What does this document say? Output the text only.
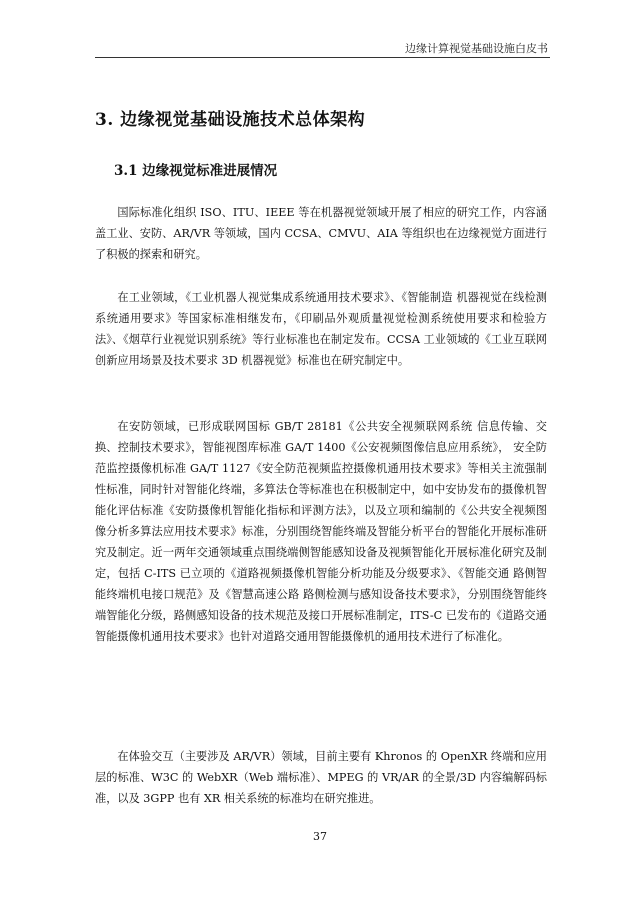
边缘计算视觉基础设施白皮书
3. 边缘视觉基础设施技术总体架构
3.1 边缘视觉标准进展情况

国际标准化组织 ISO、ITU、IEEE 等在机器视觉领域开展了相应的研究工作，内容涵盖工业、安防、AR/VR 等领域，国内 CCSA、CMVU、AIA 等组织也在边缘视觉方面进行了积极的探索和研究。

在工业领域，《工业机器人视觉集成系统通用技术要求》、《智能制造 机器视觉在线检测系统通用要求》等国家标准相继发布，《印刷品外观质量视觉检测系统使用要求和检验方法》、《烟草行业视觉识别系统》等行业标准也在制定发布。CCSA 工业领域的《工业互联网创新应用场景及技术要求 3D 机器视觉》标准也在研究制定中。

在安防领域，已形成联网国标 GB/T 28181《公共安全视频联网系统 信息传输、交换、控制技术要求》，智能视图库标准 GA/T 1400《公安视频图像信息应用系统》， 安全防范监控摄像机标准 GA/T 1127《安全防范视频监控摄像机通用技术要求》等相关主流强制性标准，同时针对智能化终端，多算法仓等标准也在积极制定中，如中安协发布的摄像机智能化评估标准《安防摄像机智能化指标和评测方法》，以及立项和编制的《公共安全视频图像分析多算法应用技术要求》标准，分别围绕智能终端及智能分析平台的智能化开展标准研究及制定。近一两年交通领域重点围绕端侧智能感知设备及视频智能化开展标准化研究及制定，包括 C-ITS 已立项的《道路视频摄像机智能分析功能及分级要求》、《智能交通 路侧智能终端机电接口规范》及《智慧高速公路 路侧检测与感知设备技术要求》，分别围绕智能终端智能化分级，路侧感知设备的技术规范及接口开展标准制定，ITS-C 已发布的《道路交通 智能摄像机通用技术要求》也针对道路交通用智能摄像机的通用技术进行了标准化。

在体验交互（主要涉及 AR/VR）领域，目前主要有 Khronos 的 OpenXR 终端和应用层的标准、W3C 的 WebXR（Web 端标准）、MPEG 的 VR/AR 的全景/3D 内容编解码标准，以及 3GPP 也有 XR 相关系统的标准均在研究推进。

37
